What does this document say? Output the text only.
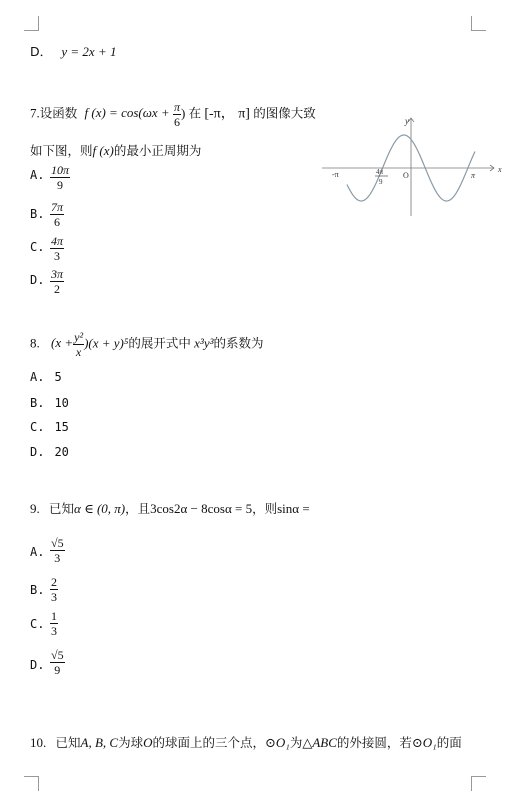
D． y = 2x + 1
7.设函数 f $(x) = \cos(\omega x + \frac{\pi}{6}$ ) 在 [-π， π] 的图像大致
如下图，则f (x)的最小正周期为
A. $\frac{10\pi}{9}$
B. $\frac{7\pi}{6}$
C. $\frac{4\pi}{3}$
D. $\frac{3\pi}{2}$
y
x
-π	4π
9
O	π
8. $(x + \frac{\text{y²}}{x} )(x + y)^5$的展开式中 x³y³的系数为
A. 5
B. 10
C. 15
D. 20
9. 已知α ∈ (0, π)，且3cos2α − 8cosα = 5，则sinα =
A. $\frac{√5}{3}$
B. $\frac{2}{3}$
C. $\frac{1}{3}$
D. $\frac{√5}{9}$
10. 已知A, B, C为球O的球面上的三个点，⊙O₁为△ABC的外接圆，若⊙O₁的面
